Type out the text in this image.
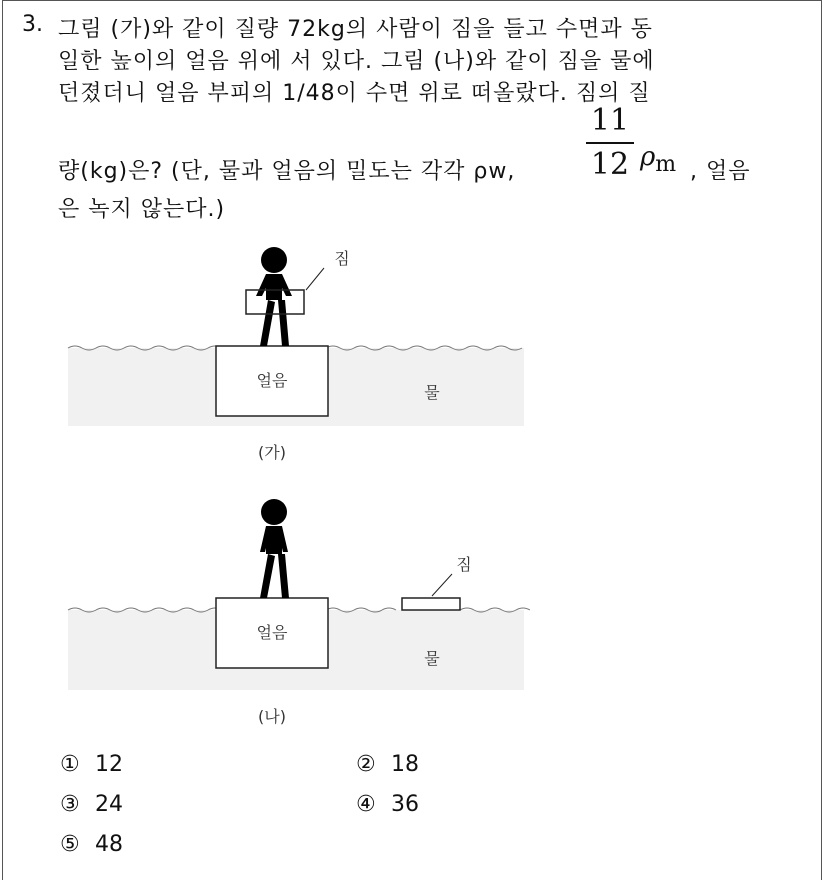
3. 그림 (가)와 같이 질량 72kg의 사람이 짐을 들고 수면과 동
일한 높이의 얼음 위에 서 있다. 그림 (나)와 같이 짐을 물에
던졌더니 얼음 부피의 1/48이 수면 위로 떠올랐다. 짐의 질
량(kg)은? (단, 물과 얼음의 밀도는 각각 ρw,
11
12 $\rho_m$ , 얼음
은 녹지 않는다.)
얼음
물
짐
(가)
얼음
물
짐
(나)
① 12	② 18
③ 24	④ 36
⑤ 48
